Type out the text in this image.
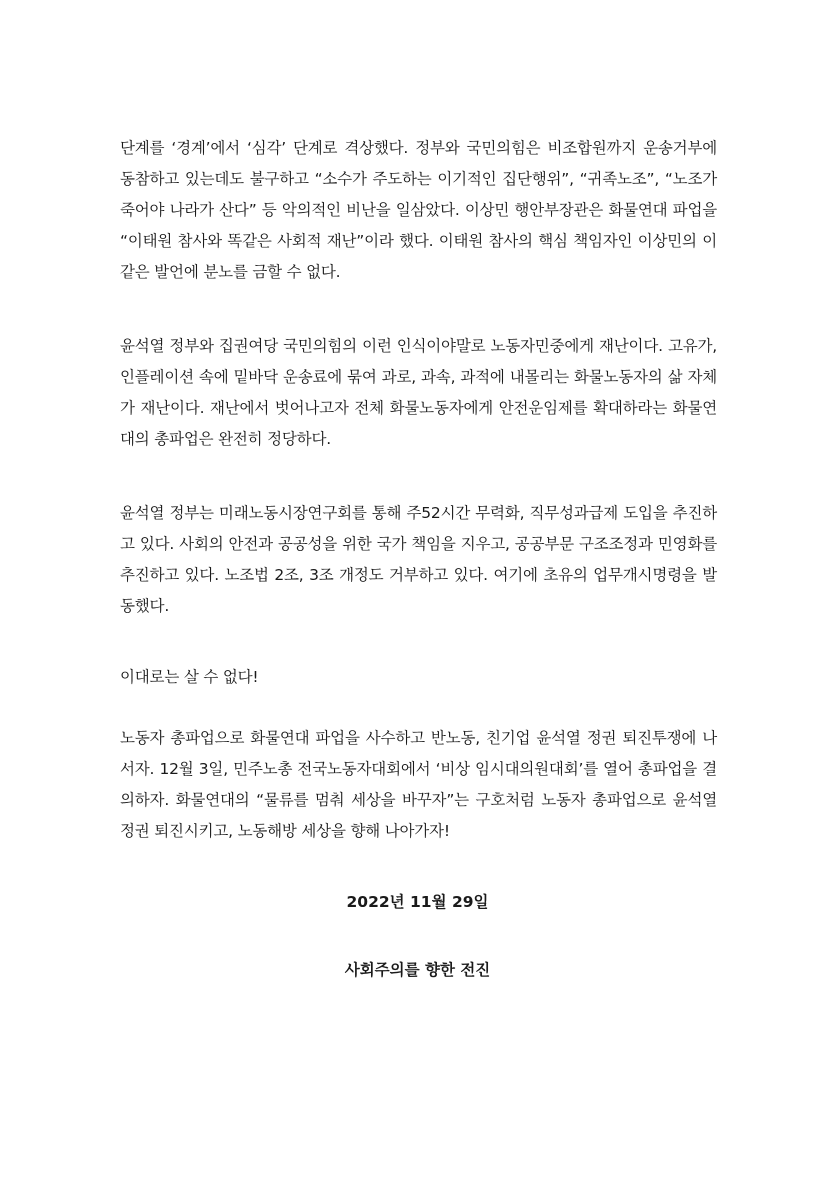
단계를 ‘경계’에서 ‘심각’ 단계로 격상했다. 정부와 국민의힘은 비조합원까지 운송거부에 동참하고 있는데도 불구하고 “소수가 주도하는 이기적인 집단행위”, “귀족노조”, “노조가 죽어야 나라가 산다” 등 악의적인 비난을 일삼았다. 이상민 행안부장관은 화물연대 파업을 “이태원 참사와 똑같은 사회적 재난”이라 했다. 이태원 참사의 핵심 책임자인 이상민의 이같은 발언에 분노를 금할 수 없다.

윤석열 정부와 집권여당 국민의힘의 이런 인식이야말로 노동자민중에게 재난이다. 고유가, 인플레이션 속에 밑바닥 운송료에 묶여 과로, 과속, 과적에 내몰리는 화물노동자의 삶 자체가 재난이다. 재난에서 벗어나고자 전체 화물노동자에게 안전운임제를 확대하라는 화물연대의 총파업은 완전히 정당하다.

윤석열 정부는 미래노동시장연구회를 통해 주52시간 무력화, 직무성과급제 도입을 추진하고 있다. 사회의 안전과 공공성을 위한 국가 책임을 지우고, 공공부문 구조조정과 민영화를 추진하고 있다. 노조법 2조, 3조 개정도 거부하고 있다. 여기에 초유의 업무개시명령을 발동했다.

이대로는 살 수 없다!

노동자 총파업으로 화물연대 파업을 사수하고 반노동, 친기업 윤석열 정권 퇴진투쟁에 나서자. 12월 3일, 민주노총 전국노동자대회에서 ‘비상 임시대의원대회’를 열어 총파업을 결의하자. 화물연대의 “물류를 멈춰 세상을 바꾸자”는 구호처럼 노동자 총파업으로 윤석열 정권 퇴진시키고, 노동해방 세상을 향해 나아가자!

2022년 11월 29일

사회주의를 향한 전진
